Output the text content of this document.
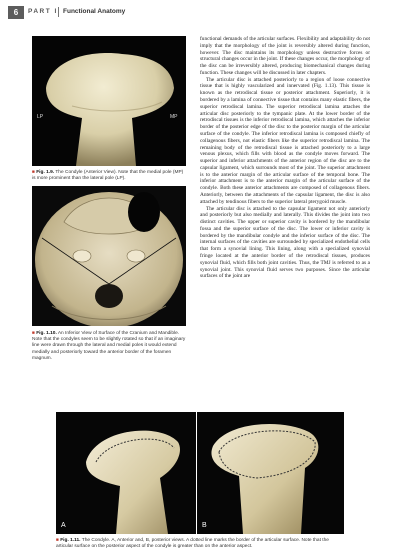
6	PART I Functional Anatomy
LP	MP
■ Fig. 1.9. The Condyle (Anterior View). Note that the medial pole (MP) is more prominent than the lateral pole (LP).
■ Fig. 1.10. An Inferior View of Surface of the Cranium and Mandible. Note that the condyles seem to be slightly rotated so that if an imaginary line were drawn through the lateral and medial poles it would extend medially and posteriorly toward the anterior border of the foramen magnum.

functional demands of the articular surfaces. Flexibility and adaptability do not imply that the morphology of the joint is reversibly altered during function, however. The disc maintains its morphology unless destructive forces or structural changes occur in the joint. If these changes occur, the morphology of the disc can be irreversibly altered, producing biomechanical changes during function. These changes will be discussed in later chapters.

The articular disc is attached posteriorly to a region of loose connective tissue that is highly vascularized and innervated (Fig. 1.13). This tissue is known as the retrodiscal tissue or posterior attachment. Superiorly, it is bordered by a lamina of connective tissue that contains many elastic fibers, the superior retrodiscal lamina. The superior retrodiscal lamina attaches the articular disc posteriorly to the tympanic plate. At the lower border of the retrodiscal tissues is the inferior retrodiscal lamina, which attaches the inferior border of the posterior edge of the disc to the posterior margin of the articular surface of the condyle. The inferior retrodiscal lamina is composed chiefly of collagenous fibers, not elastic fibers like the superior retrodiscal lamina. The remaining body of the retrodiscal tissue is attached posteriorly to a large venous plexus, which fills with blood as the condyle moves forward. The superior and inferior attachments of the anterior region of the disc are to the capsular ligament, which surrounds most of the joint. The superior attachment is to the anterior margin of the articular surface of the temporal bone. The inferior attachment is to the anterior margin of the articular surface of the condyle. Both these anterior attachments are composed of collagenous fibers. Anteriorly, between the attachments of the capsular ligament, the disc is also attached by tendinous fibers to the superior lateral pterygoid muscle.

The articular disc is attached to the capsular ligament not only anteriorly and posteriorly but also medially and laterally. This divides the joint into two distinct cavities. The upper or superior cavity is bordered by the mandibular fossa and the superior surface of the disc. The lower or inferior cavity is bordered by the mandibular condyle and the inferior surface of the disc. The internal surfaces of the cavities are surrounded by specialized endothelial cells that form a synovial lining. This lining, along with a specialized synovial fringe located at the anterior border of the retrodiscal tissues, produces synovial fluid, which fills both joint cavities. Thus, the TMJ is referred to as a synovial joint. This synovial fluid serves two purposes. Since the articular surfaces of the joint are

A	B
■ Fig. 1.11. The Condyle. A, Anterior and, B, posterior views. A dotted line marks the border of the articular surface. Note that the articular surface on the posterior aspect of the condyle is greater than on the anterior aspect.
